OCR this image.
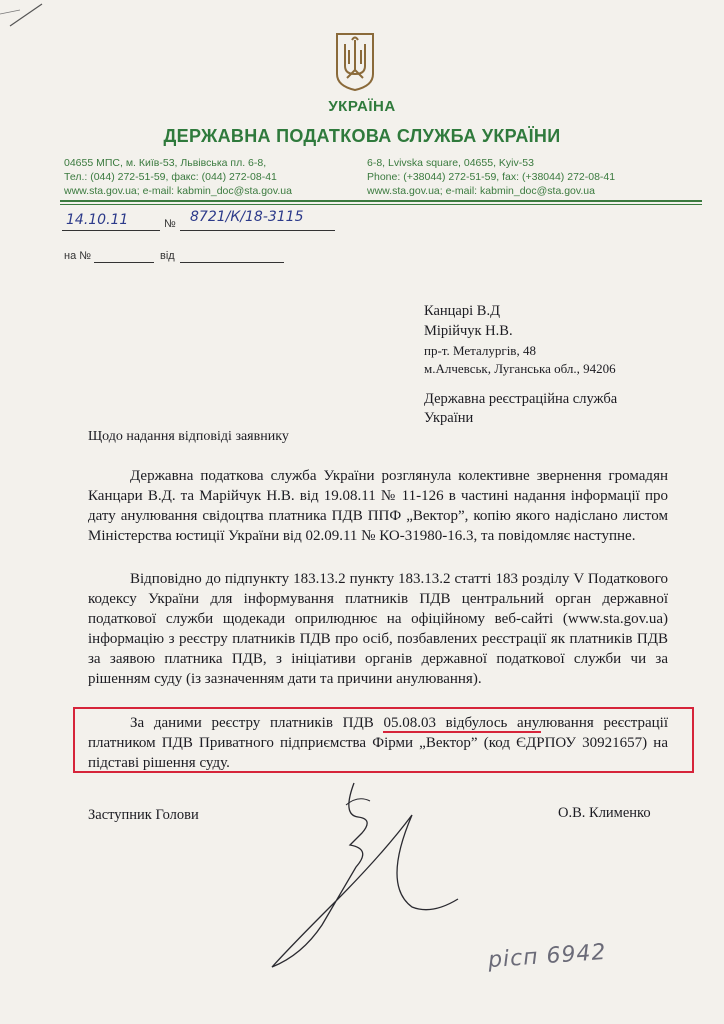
УКРАЇНА
ДЕРЖАВНА ПОДАТКОВА СЛУЖБА УКРАЇНИ
04655 МПС, м. Київ-53, Львівська пл. 6-8,
Тел.: (044) 272-51-59, факс: (044) 272-08-41
www.sta.gov.ua; e-mail: kabmin_doc@sta.gov.ua
6-8, Lvivska square, 04655, Kyiv-53
Phone: (+38044) 272-51-59, fax: (+38044) 272-08-41
www.sta.gov.ua; e-mail: kabmin_doc@sta.gov.ua
14.10.11	№ 8721/К/18-3115
на №	від
Канцарі В.Д
Мірійчук Н.В.
пр-т. Металургів, 48
м.Алчевськ, Луганська обл., 94206
Державна реєстраційна служба
України
Щодо надання відповіді заявнику
Державна податкова служба України розглянула колективне звернення громадян Канцари В.Д. та Марійчук Н.В. від 19.08.11 № 11-126 в частині надання інформації про дату анулювання свідоцтва платника ПДВ ППФ „Вектор”, копію якого надіслано листом Міністерства юстиції України від 02.09.11 № КО-31980-16.3, та повідомляє наступне.
Відповідно до підпункту 183.13.2 пункту 183.13.2 статті 183 розділу V Податкового кодексу України для інформування платників ПДВ центральний орган державної податкової служби щодекади оприлюднює на офіційному веб-сайті (www.sta.gov.ua) інформацію з реєстру платників ПДВ про осіб, позбавлених реєстрації як платників ПДВ за заявою платника ПДВ, з ініціативи органів державної податкової служби чи за рішенням суду (із зазначенням дати та причини анулювання).
За даними реєстру платників ПДВ 05.08.03 відбулось анулювання реєстрації платником ПДВ Приватного підприємства Фірми „Вектор” (код ЄДРПОУ 30921657) на підставі рішення суду.
Заступник Голови	О.В. Клименко
рісп 6942
